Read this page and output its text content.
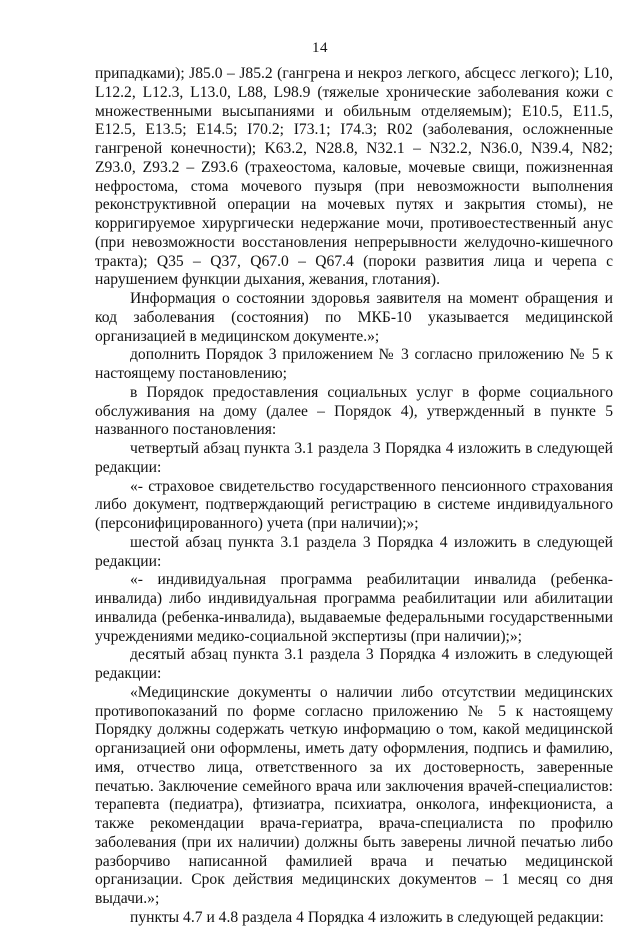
14

припадками); J85.0 – J85.2 (гангрена и некроз легкого, абсцесс легкого); L10, L12.2, L12.3, L13.0, L88, L98.9 (тяжелые хронические заболевания кожи с множественными высыпаниями и обильным отделяемым); E10.5, E11.5, E12.5, E13.5; E14.5; I70.2; I73.1; I74.3; R02 (заболевания, осложненные гангреной конечности); K63.2, N28.8, N32.1 – N32.2, N36.0, N39.4, N82; Z93.0, Z93.2 – Z93.6 (трахеостома, каловые, мочевые свищи, пожизненная нефростома, стома мочевого пузыря (при невозможности выполнения реконструктивной операции на мочевых путях и закрытия стомы), не корригируемое хирургически недержание мочи, противоестественный анус (при невозможности восстановления непрерывности желудочно-кишечного тракта); Q35 – Q37, Q67.0 – Q67.4 (пороки развития лица и черепа с нарушением функции дыхания, жевания, глотания).

Информация о состоянии здоровья заявителя на момент обращения и код заболевания (состояния) по МКБ-10 указывается медицинской организацией в медицинском документе.»;

дополнить Порядок 3 приложением № 3 согласно приложению № 5 к настоящему постановлению;

в Порядок предоставления социальных услуг в форме социального обслуживания на дому (далее – Порядок 4), утвержденный в пункте 5 названного постановления:

четвертый абзац пункта 3.1 раздела 3 Порядка 4 изложить в следующей редакции:

«- страховое свидетельство государственного пенсионного страхования либо документ, подтверждающий регистрацию в системе индивидуального (персонифицированного) учета (при наличии);»;

шестой абзац пункта 3.1 раздела 3 Порядка 4 изложить в следующей редакции:

«- индивидуальная программа реабилитации инвалида (ребенка-инвалида) либо индивидуальная программа реабилитации или абилитации инвалида (ребенка-инвалида), выдаваемые федеральными государственными учреждениями медико-социальной экспертизы (при наличии);»;

десятый абзац пункта 3.1 раздела 3 Порядка 4 изложить в следующей редакции:

«Медицинские документы о наличии либо отсутствии медицинских противопоказаний по форме согласно приложению № 5 к настоящему Порядку должны содержать четкую информацию о том, какой медицинской организацией они оформлены, иметь дату оформления, подпись и фамилию, имя, отчество лица, ответственного за их достоверность, заверенные печатью. Заключение семейного врача или заключения врачей-специалистов: терапевта (педиатра), фтизиатра, психиатра, онколога, инфекциониста, а также рекомендации врача-гериатра, врача-специалиста по профилю заболевания (при их наличии) должны быть заверены личной печатью либо разборчиво написанной фамилией врача и печатью медицинской организации. Срок действия медицинских документов – 1 месяц со дня выдачи.»;

пункты 4.7 и 4.8 раздела 4 Порядка 4 изложить в следующей редакции:
